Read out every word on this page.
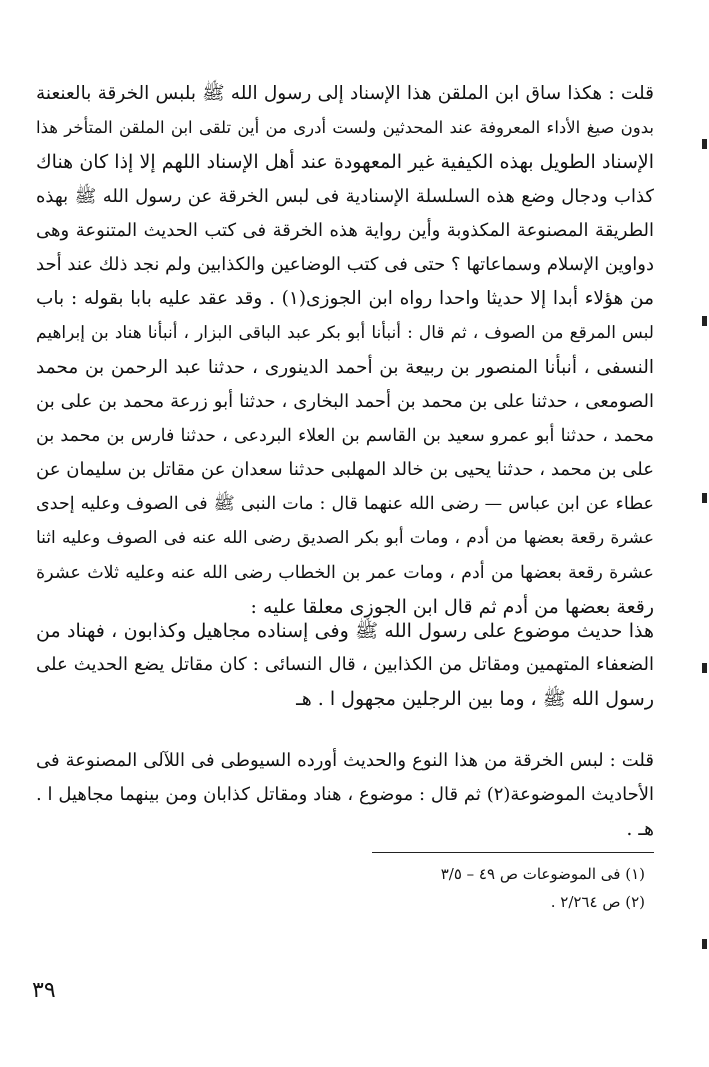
قلت : هكذا ساق ابن الملقن هذا الإسناد إلى رسول الله ﷺ بلبس الخرقة بالعنعنة
بدون صيغ الأداء المعروفة عند المحدثين ولست أدرى من أين تلقى ابن الملقن المتأخر هذا
الإسناد الطويل بهذه الكيفية غير المعهودة عند أهل الإسناد اللهم إلا إذا كان هناك
كذاب ودجال وضع هذه السلسلة الإسنادية فى لبس الخرقة عن رسول الله ﷺ بهذه
الطريقة المصنوعة المكذوبة وأين رواية هذه الخرقة فى كتب الحديث المتنوعة وهى
دواوين الإسلام وسماعاتها ؟ حتى فى كتب الوضاعين والكذابين ولم نجد ذلك عند أحد
من هؤلاء أبدا إلا حديثا واحدا رواه ابن الجوزى(١) . وقد عقد عليه بابا بقوله : باب
لبس المرقع من الصوف ، ثم قال : أنبأنا أبو بكر عبد الباقى البزار ، أنبأنا هناد بن إبراهيم
النسفى ، أنبأنا المنصور بن ربيعة بن أحمد الدينورى ، حدثنا عبد الرحمن بن محمد
الصومعى ، حدثنا على بن محمد بن أحمد البخارى ، حدثنا أبو زرعة محمد بن على بن
محمد ، حدثنا أبو عمرو سعيد بن القاسم بن العلاء البردعى ، حدثنا فارس بن محمد بن
على بن محمد ، حدثنا يحيى بن خالد المهلبى حدثنا سعدان عن مقاتل بن سليمان عن
عطاء عن ابن عباس — رضى الله عنهما قال : مات النبى ﷺ فى الصوف وعليه إحدى
عشرة رقعة بعضها من أدم ، ومات أبو بكر الصديق رضى الله عنه فى الصوف وعليه اثنا
عشرة رقعة بعضها من أدم ، ومات عمر بن الخطاب رضى الله عنه وعليه ثلاث عشرة
رقعة بعضها من أدم ثم قال ابن الجوزى معلقا عليه :
هذا حديث موضوع على رسول الله ﷺ وفى إسناده مجاهيل وكذابون ، فهناد من
الضعفاء المتهمين ومقاتل من الكذابين ، قال النسائى : كان مقاتل يضع الحديث على
رسول الله ﷺ ، وما بين الرجلين مجهول ا . هـ
قلت : لبس الخرقة من هذا النوع والحديث أورده السيوطى فى اللآلى المصنوعة فى
الأحاديث الموضوعة(٢) ثم قال : موضوع ، هناد ومقاتل كذابان ومن بينهما مجاهيل ا .
هـ .
(١) فى الموضوعات ص ٤٩ – ٣/٥
(٢) ص ٢/٢٦٤ .
٣٩
